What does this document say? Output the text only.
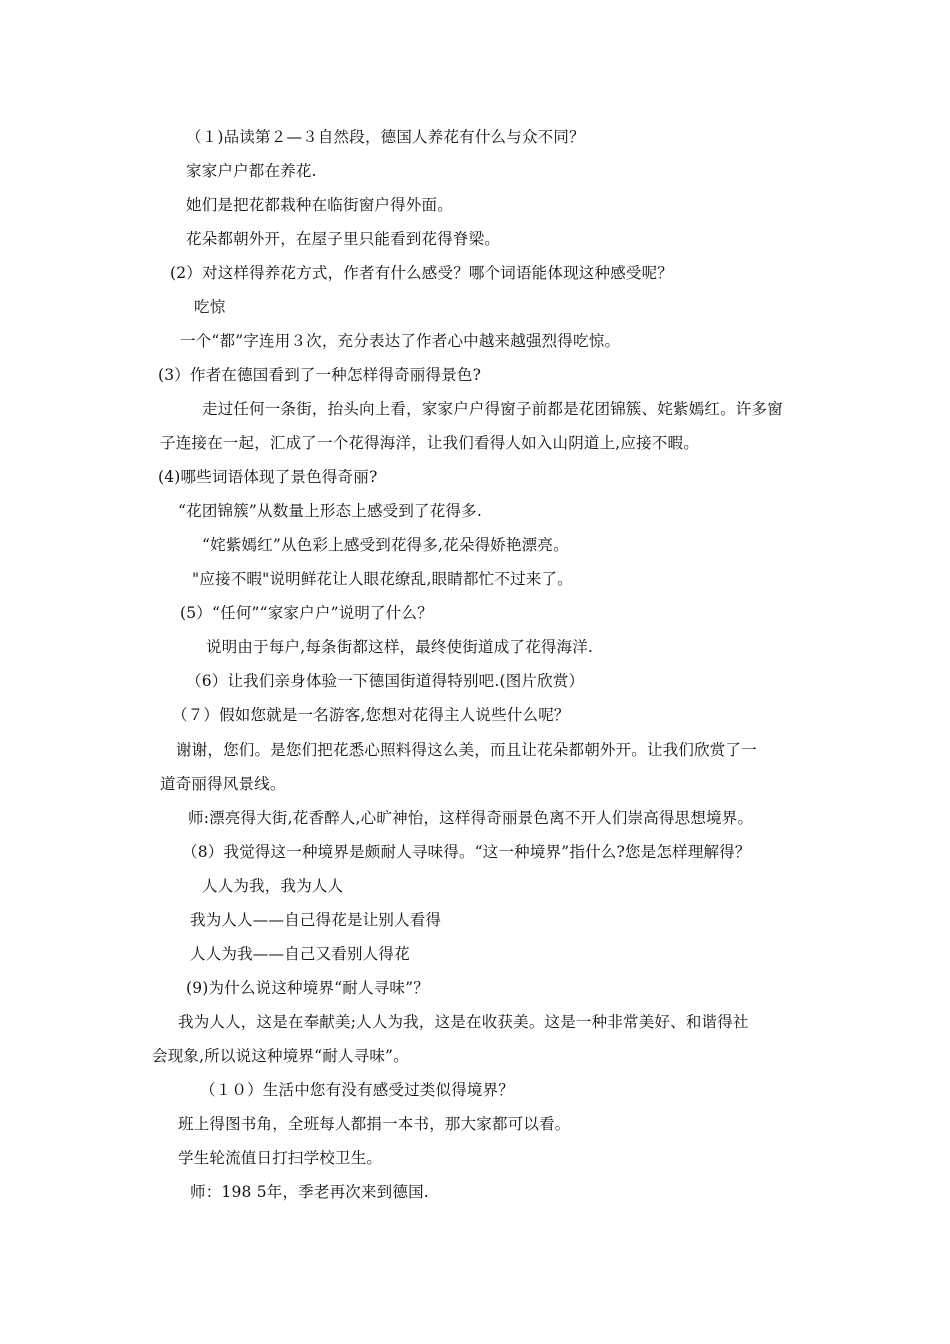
（１)品读第２—３自然段，德国人养花有什么与众不同？
家家户户都在养花.
她们是把花都栽种在临街窗户得外面。
花朵都朝外开，在屋子里只能看到花得脊梁。
(2）对这样得养花方式，作者有什么感受？哪个词语能体现这种感受呢？
吃惊
一个“都”字连用３次，充分表达了作者心中越来越强烈得吃惊。
(3）作者在德国看到了一种怎样得奇丽得景色?
走过任何一条街，抬头向上看，家家户户得窗子前都是花团锦簇、姹紫嫣红。许多窗
子连接在一起，汇成了一个花得海洋，让我们看得人如入山阴道上,应接不暇。
(4)哪些词语体现了景色得奇丽?
“花团锦簇”从数量上形态上感受到了花得多.
“姹紫嫣红”从色彩上感受到花得多,花朵得娇艳漂亮。
"应接不暇"说明鲜花让人眼花缭乱,眼睛都忙不过来了。
(5）“任何”“家家户户”说明了什么？
说明由于每户,每条街都这样，最终使街道成了花得海洋.
（6）让我们亲身体验一下德国街道得特别吧.(图片欣赏）
（７）假如您就是一名游客,您想对花得主人说些什么呢？
谢谢，您们。是您们把花悉心照料得这么美，而且让花朵都朝外开。让我们欣赏了一
道奇丽得风景线。
师:漂亮得大街,花香醉人,心旷神怡，这样得奇丽景色离不开人们崇高得思想境界。
（8）我觉得这一种境界是颇耐人寻味得。“这一种境界”指什么?您是怎样理解得？
人人为我，我为人人
我为人人——自己得花是让别人看得
人人为我——自己又看别人得花
(9)为什么说这种境界“耐人寻味”？
我为人人，这是在奉献美;人人为我，这是在收获美。这是一种非常美好、和谐得社
会现象,所以说这种境界“耐人寻味”。
（１０）生活中您有没有感受过类似得境界？
班上得图书角，全班每人都捐一本书，那大家都可以看。
学生轮流值日打扫学校卫生。
师：198 5年，季老再次来到德国.
